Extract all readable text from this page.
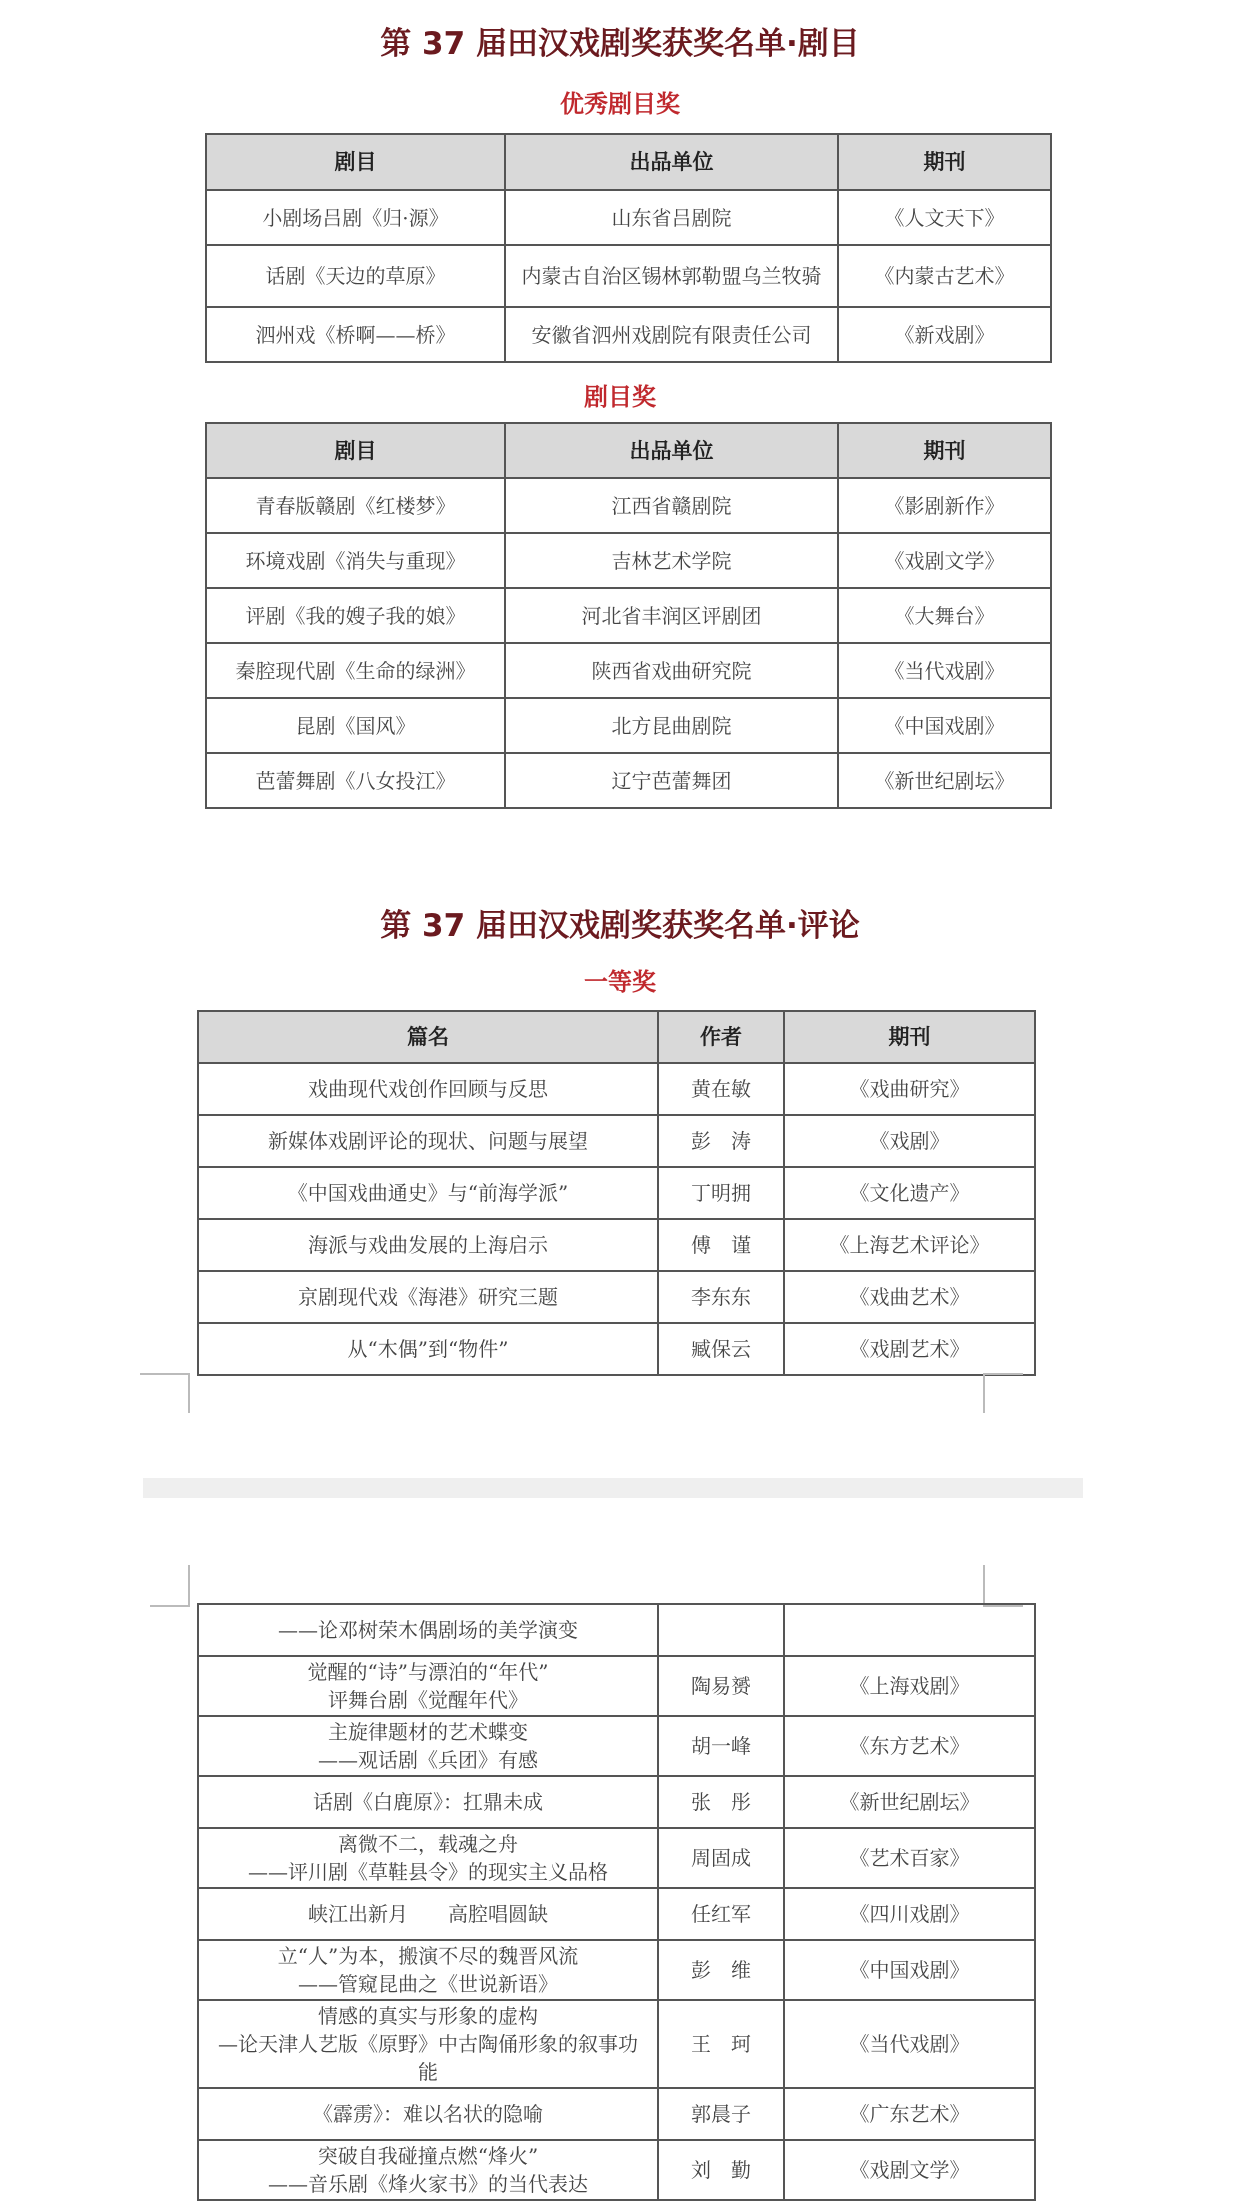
第 37 届田汉戏剧奖获奖名单·剧目
优秀剧目奖
剧目	出品单位	期刊
小剧场吕剧《归·源》	山东省吕剧院	《人文天下》
话剧《天边的草原》	内蒙古自治区锡林郭勒盟乌兰牧骑	《内蒙古艺术》
泗州戏《桥啊——桥》	安徽省泗州戏剧院有限责任公司	《新戏剧》
剧目奖
剧目	出品单位	期刊
青春版赣剧《红楼梦》	江西省赣剧院	《影剧新作》
环境戏剧《消失与重现》	吉林艺术学院	《戏剧文学》
评剧《我的嫂子我的娘》	河北省丰润区评剧团	《大舞台》
秦腔现代剧《生命的绿洲》	陕西省戏曲研究院	《当代戏剧》
昆剧《国风》	北方昆曲剧院	《中国戏剧》
芭蕾舞剧《八女投江》	辽宁芭蕾舞团	《新世纪剧坛》
第 37 届田汉戏剧奖获奖名单·评论
一等奖
篇名	作者	期刊
戏曲现代戏创作回顾与反思	黄在敏	《戏曲研究》
新媒体戏剧评论的现状、问题与展望	彭　涛	《戏剧》
《中国戏曲通史》与“前海学派”	丁明拥	《文化遗产》
海派与戏曲发展的上海启示	傅　谨	《上海艺术评论》
京剧现代戏《海港》研究三题	李东东	《戏曲艺术》
从“木偶”到“物件”	臧保云	《戏剧艺术》
——论邓树荣木偶剧场的美学演变		

觉醒的“诗”与漂泊的“年代”
评舞台剧《觉醒年代》	陶易赟	《上海戏剧》

主旋律题材的艺术蝶变
——观话剧《兵团》有感	胡一峰	《东方艺术》

话剧《白鹿原》：扛鼎未成	张　彤	《新世纪剧坛》

离微不二，载魂之舟
——评川剧《草鞋县令》的现实主义品格	周固成	《艺术百家》

峡江出新月　　高腔唱圆缺	任红军	《四川戏剧》

立“人”为本，搬演不尽的魏晋风流
——管窥昆曲之《世说新语》	彭　维	《中国戏剧》

情感的真实与形象的虚构
—论天津人艺版《原野》中古陶俑形象的叙事功
能	王　珂	《当代戏剧》

《霹雳》：难以名状的隐喻	郭晨子	《广东艺术》

突破自我碰撞点燃“烽火”
——音乐剧《烽火家书》的当代表达	刘　勤	《戏剧文学》
